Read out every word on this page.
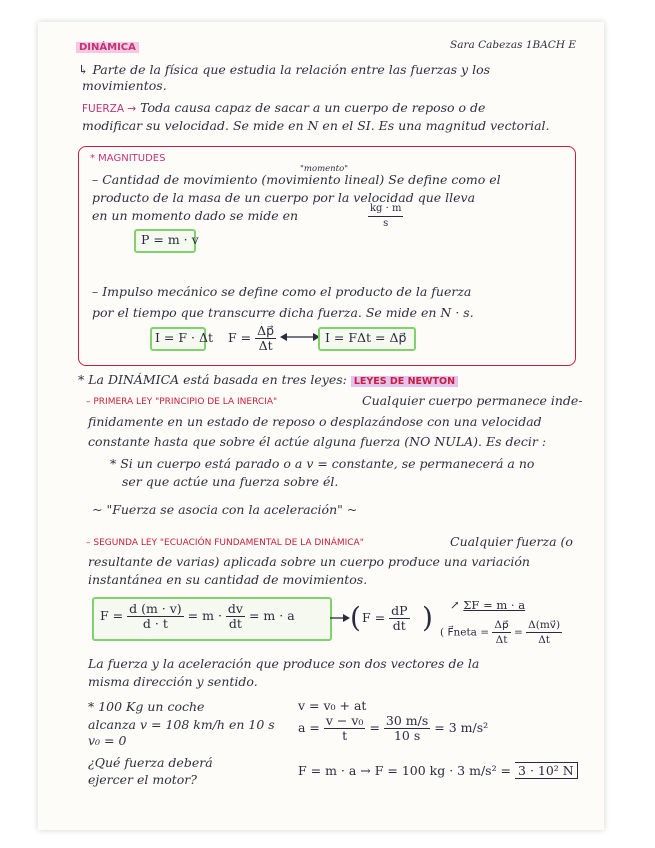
DINÁMICA	Sara Cabezas 1BACH E
↳ Parte de la física que estudia la relación entre las fuerzas y los
movimientos.
FUERZA → Toda causa capaz de sacar a un cuerpo de reposo o de
modificar su velocidad. Se mide en N en el SI. Es una magnitud vectorial.
* MAGNITUDES
"momento"
– Cantidad de movimiento (movimiento lineal) Se define como el
producto de la masa de un cuerpo por la velocidad que lleva
en un momento dado se mide en	$\frac{kg \cdot m}{s}$
P = m · v
– Impulso mecánico se define como el producto de la fuerza
por el tiempo que transcurre dicha fuerza. Se mide en N · s.
I = F · Δt $F = \frac{\Delta p⃗}{\Delta t}$	I = FΔt = Δp⃗
* La DINÁMICA está basada en tres leyes: LEYES DE NEWTON
– PRIMERA LEY "PRINCIPIO DE LA INERCIA"	Cualquier cuerpo permanece inde-
finidamente en un estado de reposo o desplazándose con una velocidad
constante hasta que sobre él actúe alguna fuerza (NO NULA). Es decir :
* Si un cuerpo está parado o a v = constante, se permanecerá a no
ser que actúe una fuerza sobre él.
~ "Fuerza se asocia con la aceleración" ~
– SEGUNDA LEY "ECUACIÓN FUNDAMENTAL DE LA DINÁMICA"	Cualquier fuerza (o
resultante de varias) aplicada sobre un cuerpo produce una variación
instantánea en su cantidad de movimientos.
$F = \frac{d (m \cdot v)}{d \cdot t} = m \cdot \frac{dv}{dt} = m \cdot a$ ( $F = \frac{dP}{dt}$ ) ↗ ΣF = m · a
( F⃗neta = $\frac{\Delta p⃗}{\Delta t} = \frac{\Delta(mv⃗)}{\Delta t}$
La fuerza y la aceleración que produce son dos vectores de la
misma dirección y sentido.
* 100 Kg un coche
alcanza v = 108 km/h en 10 s
v₀ = 0
¿Qué fuerza deberá
ejercer el motor?
v = v₀ + at
$a = \frac{\text{v − v₀}}{t} = \frac{30 m/s}{10 s} = 3$ m/s²
F = m · a → F = 100 kg · 3 m/s² = 3 · 10² N
